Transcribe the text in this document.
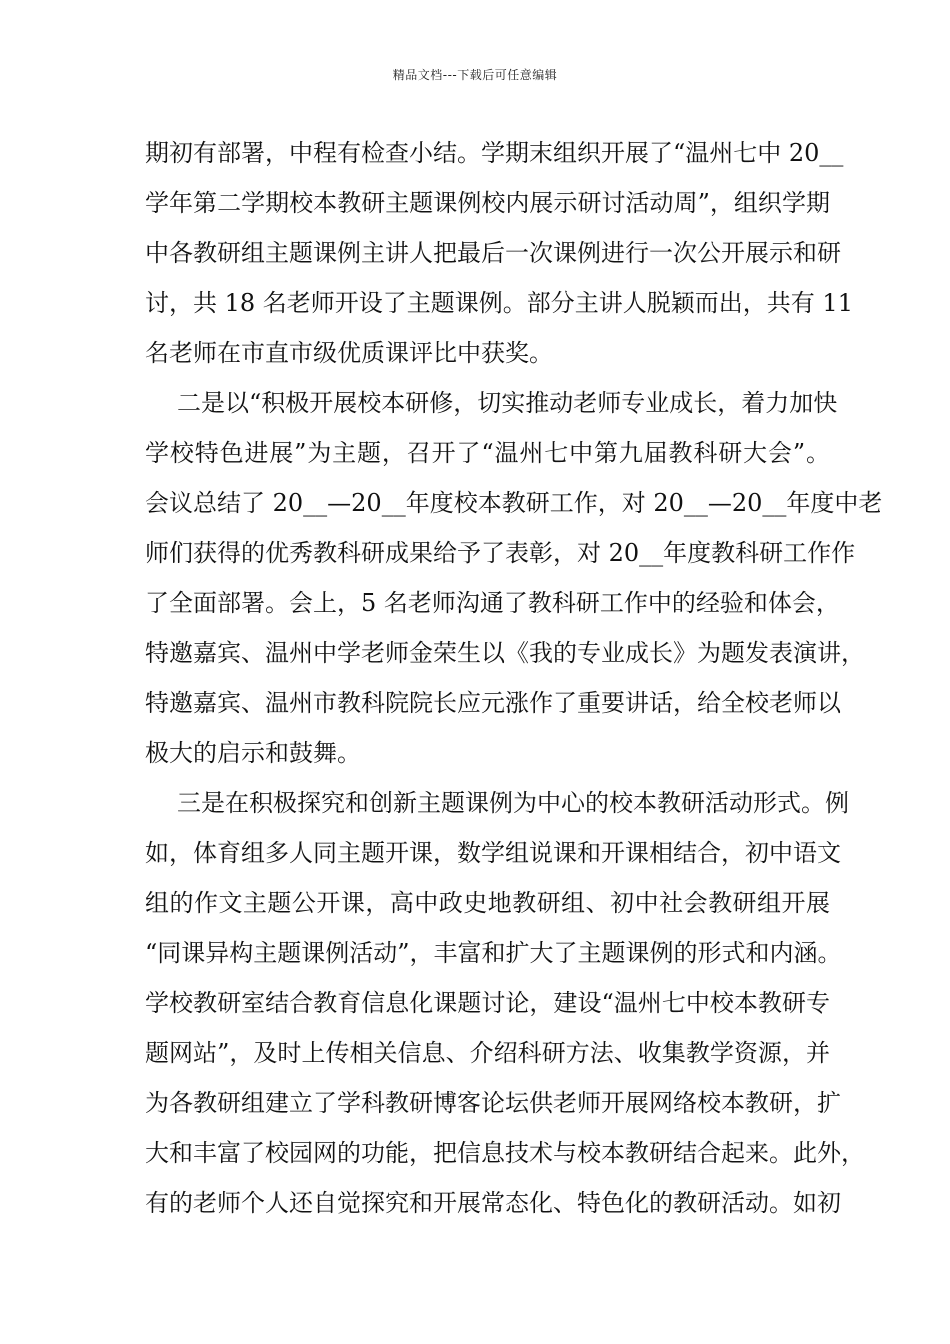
精品文档---下载后可任意编辑
期初有部署，中程有检查小结。学期末组织开展了“温州七中 20__
学年第二学期校本教研主题课例校内展示研讨活动周”，组织学期
中各教研组主题课例主讲人把最后一次课例进行一次公开展示和研
讨，共 18 名老师开设了主题课例。部分主讲人脱颖而出，共有 11
名老师在市直市级优质课评比中获奖。
二是以“积极开展校本研修，切实推动老师专业成长，着力加快
学校特色进展”为主题，召开了“温州七中第九届教科研大会”。
会议总结了 20__—20__年度校本教研工作，对 20__—20__年度中老
师们获得的优秀教科研成果给予了表彰，对 20__年度教科研工作作
了全面部署。会上，5 名老师沟通了教科研工作中的经验和体会，
特邀嘉宾、温州中学老师金荣生以《我的专业成长》为题发表演讲，
特邀嘉宾、温州市教科院院长应元涨作了重要讲话，给全校老师以
极大的启示和鼓舞。
三是在积极探究和创新主题课例为中心的校本教研活动形式。例
如，体育组多人同主题开课，数学组说课和开课相结合，初中语文
组的作文主题公开课，高中政史地教研组、初中社会教研组开展
“同课异构主题课例活动”，丰富和扩大了主题课例的形式和内涵。
学校教研室结合教育信息化课题讨论，建设“温州七中校本教研专
题网站”，及时上传相关信息、介绍科研方法、收集教学资源，并
为各教研组建立了学科教研博客论坛供老师开展网络校本教研，扩
大和丰富了校园网的功能，把信息技术与校本教研结合起来。此外，
有的老师个人还自觉探究和开展常态化、特色化的教研活动。如初
